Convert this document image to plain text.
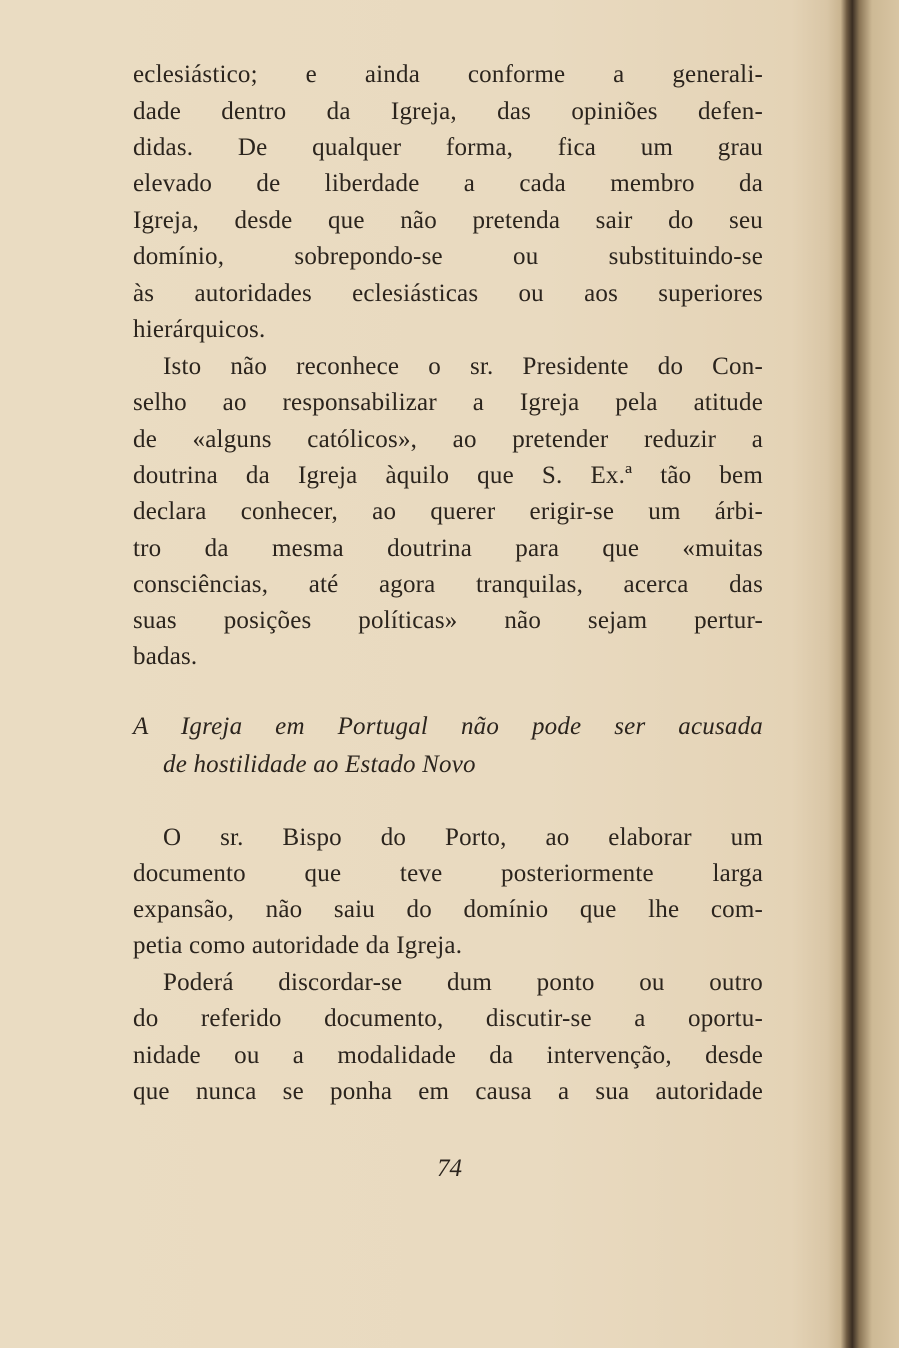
74
eclesiástico; e ainda conforme a generali-
dade dentro da Igreja, das opiniões defen-
didas. De qualquer forma, fica um grau
elevado de liberdade a cada membro da
Igreja, desde que não pretenda sair do seu
domínio, sobrepondo-se ou substituindo-se
às autoridades eclesiásticas ou aos superiores
hierárquicos.
Isto não reconhece o sr. Presidente do Con-
selho ao responsabilizar a Igreja pela atitude
de «alguns católicos», ao pretender reduzir a
doutrina da Igreja àquilo que S. Ex.ª tão bem
declara conhecer, ao querer erigir-se um árbi-
tro da mesma doutrina para que «muitas
consciências, até agora tranquilas, acerca das
suas posições políticas» não sejam pertur-
badas.
A Igreja em Portugal não pode ser acusada
de hostilidade ao Estado Novo
O sr. Bispo do Porto, ao elaborar um
documento que teve posteriormente larga
expansão, não saiu do domínio que lhe com-
petia como autoridade da Igreja.
Poderá discordar-se dum ponto ou outro
do referido documento, discutir-se a oportu-
nidade ou a modalidade da intervenção, desde
que nunca se ponha em causa a sua autoridade
